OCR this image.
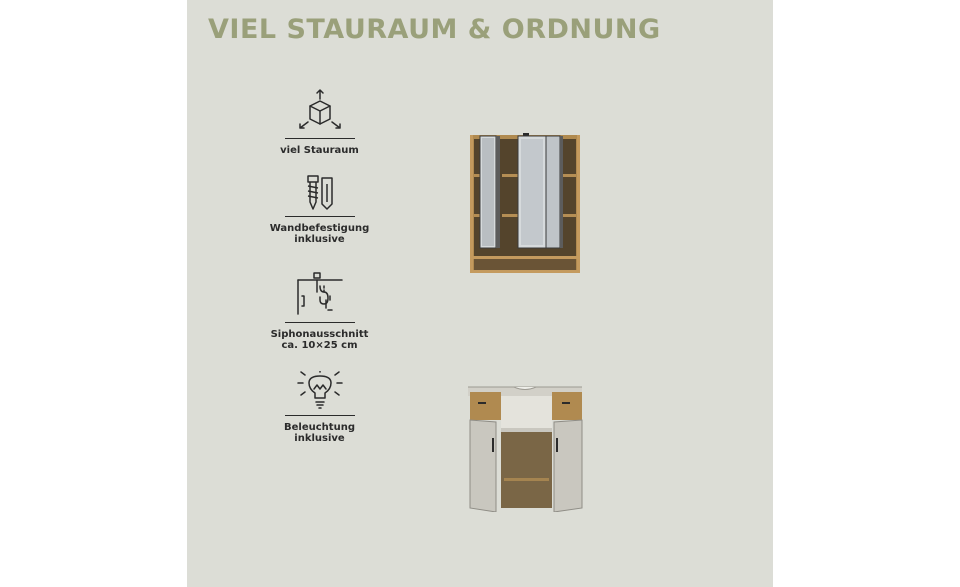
VIEL STAURAUM & ORDNUNG
viel Stauraum
Wandbefestigung
inklusive
Siphonausschnitt
ca. 10×25 cm
Beleuchtung
inklusive
